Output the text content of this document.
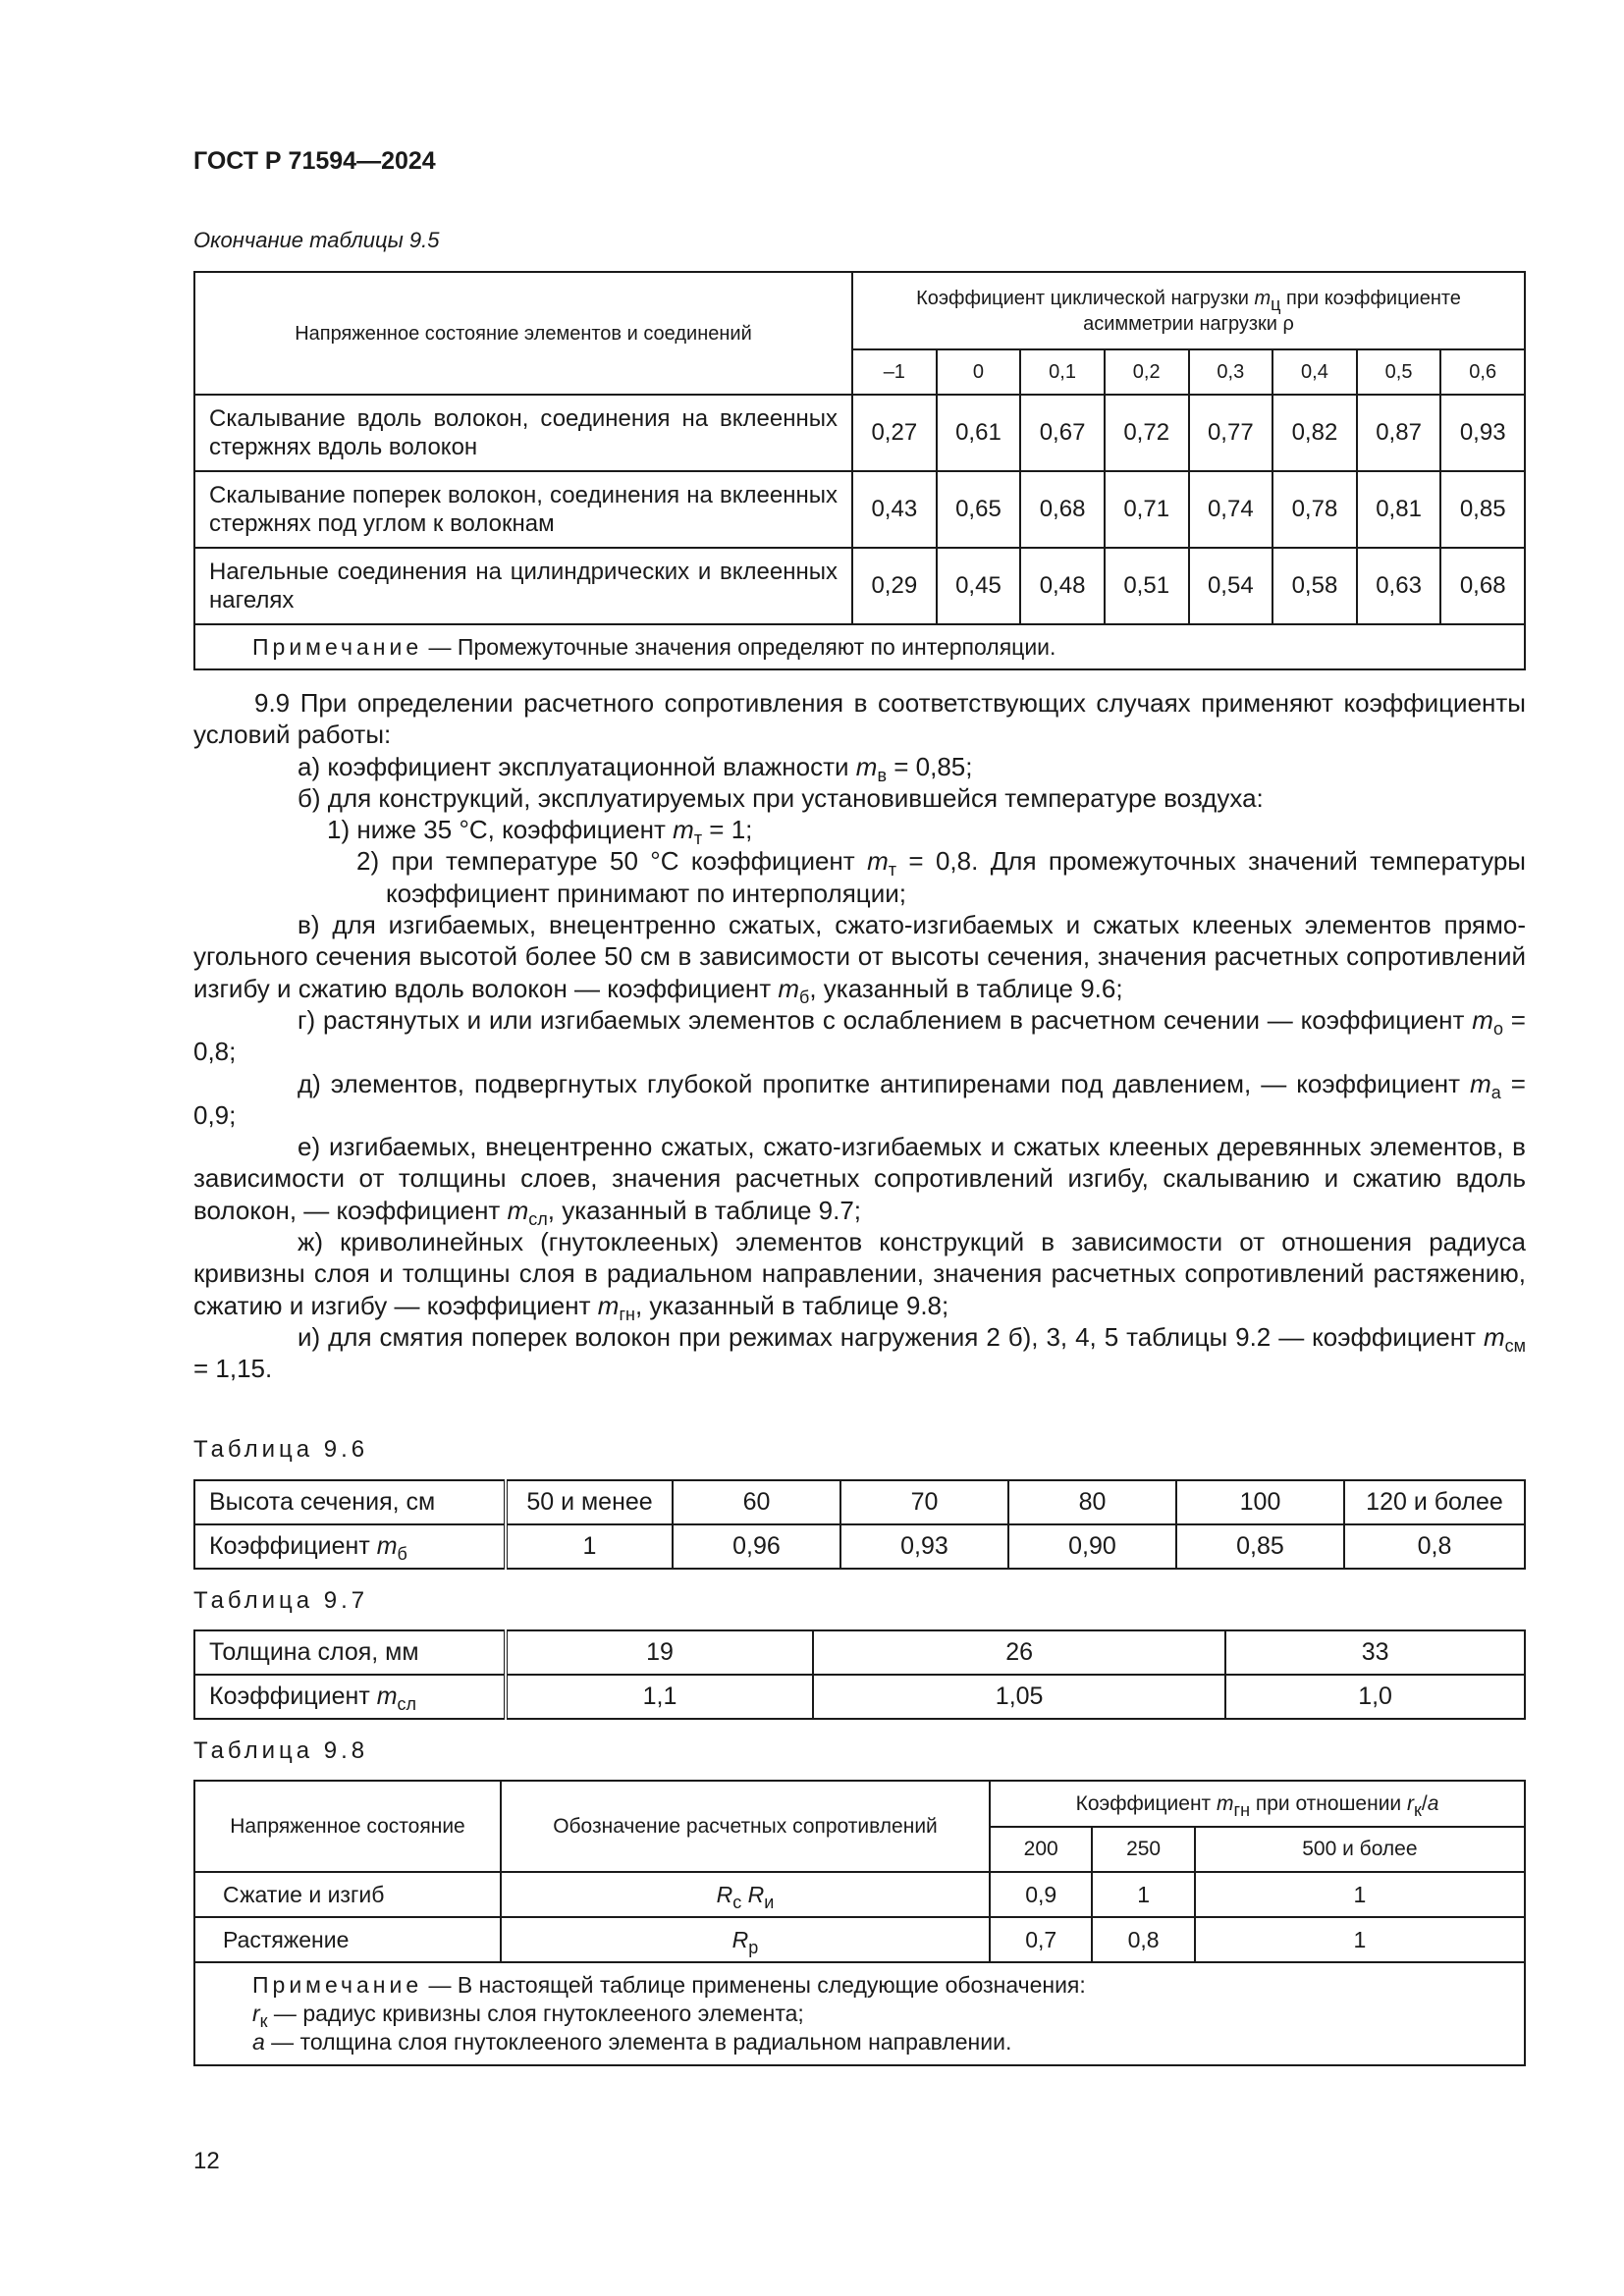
ГОСТ Р 71594—2024
Окончание таблицы 9.5
Напряженное состояние элементов и соединений	Коэффициент циклической нагрузки $m_ц$ при коэффициенте асимметрии нагрузки ρ							
	–1	0	0,1	0,2	0,3	0,4	0,5	0,6
Скалывание вдоль волокон, соединения на вклеенных стержнях вдоль волокон	0,27	0,61	0,67	0,72	0,77	0,82	0,87	0,93
Скалывание поперек волокон, соединения на вклеенных стержнях под углом к волокнам	0,43	0,65	0,68	0,71	0,74	0,78	0,81	0,85
Нагельные соединения на цилиндрических и вклеенных нагелях	0,29	0,45	0,48	0,51	0,54	0,58	0,63	0,68
Примечание — Промежуточные значения определяют по интерполяции.								

9.9 При определении расчетного сопротивления в соответствующих случаях применяют коэффициенты условий работы:

а) коэффициент эксплуатационной влажности $m_в = 0,85$;

б) для конструкций, эксплуатируемых при установившейся температуре воздуха:

1) ниже 35 °С, коэффициент $m_т = 1$;

2) при температуре 50 °С коэффициент $m_т = 0,8$. Для промежуточных значений температуры коэффициент принимают по интерполяции;

в) для изгибаемых, внецентренно сжатых, сжато-изгибаемых и сжатых клееных элементов прямоугольного сечения высотой более 50 см в зависимости от высоты сечения, значения расчетных сопротивлений изгибу и сжатию вдоль волокон — коэффициент $m_б$, указанный в таблице 9.6;

г) растянутых и или изгибаемых элементов с ослаблением в расчетном сечении — коэффициент $m_о = 0,8$;

д) элементов, подвергнутых глубокой пропитке антипиренами под давлением, — коэффициент $m_а = 0,9$;

е) изгибаемых, внецентренно сжатых, сжато-изгибаемых и сжатых клееных деревянных элементов, в зависимости от толщины слоев, значения расчетных сопротивлений изгибу, скалыванию и сжатию вдоль волокон, — коэффициент $m_{сл}$, указанный в таблице 9.7;

ж) криволинейных (гнутоклееных) элементов конструкций в зависимости от отношения радиуса кривизны слоя и толщины слоя в радиальном направлении, значения расчетных сопротивлений растяжению, сжатию и изгибу — коэффициент $m_{гн}$, указанный в таблице 9.8;

и) для смятия поперек волокон при режимах нагружения 2 б), 3, 4, 5 таблицы 9.2 — коэффициент $m_{см} = 1,15$.

Таблица 9.6
Высота сечения, см	50 и менее	60	70	80	100	120 и более
Коэффициент $m_б$	1	0,96	0,93	0,90	0,85	0,8
Таблица 9.7
Толщина слоя, мм	19	26	33
Коэффициент $m_{сл}$	1,1	1,05	1,0
Таблица 9.8
Напряженное состояние	Обозначение расчетных сопротивлений	Коэффициент $m_{гн}$ при отношении $r_к/a$		
		200	250	500 и более
Сжатие и изгиб	$R_с$ $R_и$	0,9	1	1
Растяжение	$R_р$	0,7	0,8	1

Примечание — В настоящей таблице применены следующие обозначения:
$r_к$ — радиус кривизны слоя гнутоклееного элемента;
a — толщина слоя гнутоклееного элемента в радиальном направлении.				
12
